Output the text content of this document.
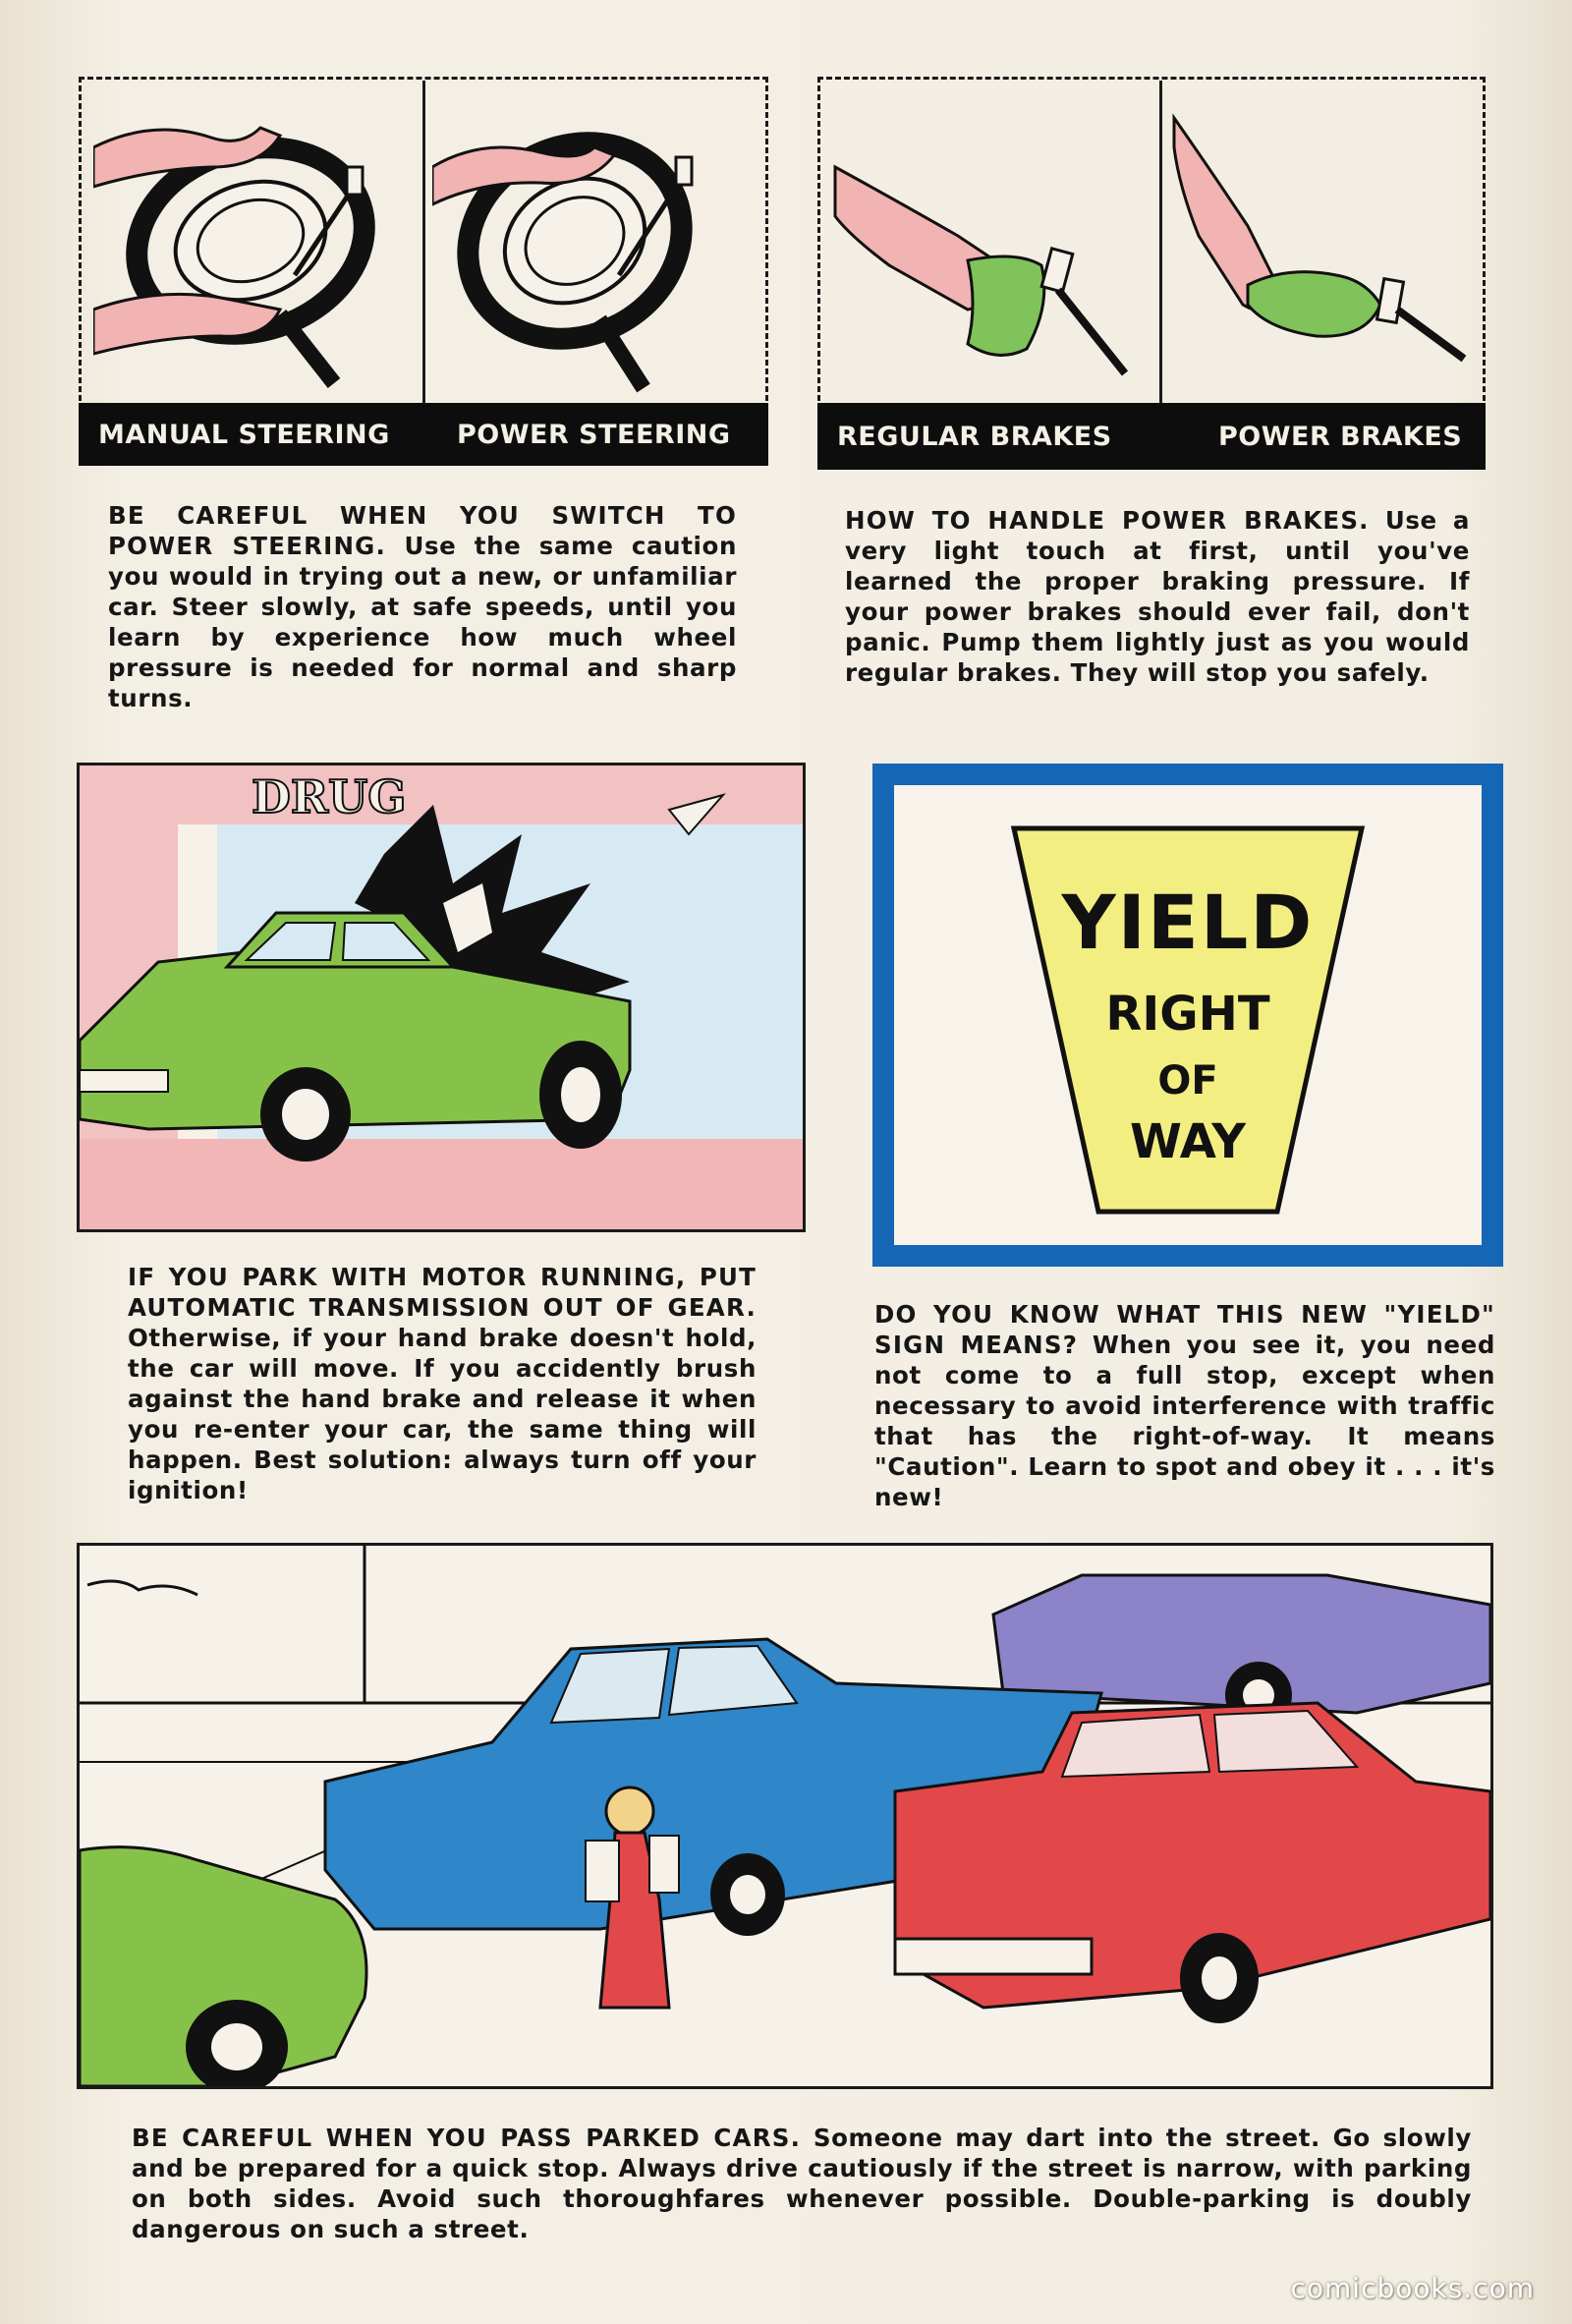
MANUAL STEERING	POWER STEERING
BE CAREFUL WHEN YOU SWITCH TO POWER STEERING. Use the same caution you would in trying out a new, or unfamiliar car. Steer slowly, at safe speeds, until you learn by experience how much wheel pressure is needed for normal and sharp turns.
REGULAR BRAKES	POWER BRAKES
HOW TO HANDLE POWER BRAKES. Use a very light touch at first, until you've learned the proper braking pressure. If your power brakes should ever fail, don't panic. Pump them lightly just as you would regular brakes. They will stop you safely.
DRUG
IF YOU PARK WITH MOTOR RUNNING, PUT AUTOMATIC TRANSMISSION OUT OF GEAR. Otherwise, if your hand brake doesn't hold, the car will move. If you accidently brush against the hand brake and release it when you re-enter your car, the same thing will happen. Best solution: always turn off your ignition!
YIELD
RIGHT
OF
WAY
DO YOU KNOW WHAT THIS NEW "YIELD" SIGN MEANS? When you see it, you need not come to a full stop, except when necessary to avoid interference with traffic that has the right-of-way. It means "Caution". Learn to spot and obey it . . . it's new!
BE CAREFUL WHEN YOU PASS PARKED CARS. Someone may dart into the street. Go slowly and be prepared for a quick stop. Always drive cautiously if the street is narrow, with parking on both sides. Avoid such thoroughfares whenever possible. Double-parking is doubly dangerous on such a street.
comicbooks.com
